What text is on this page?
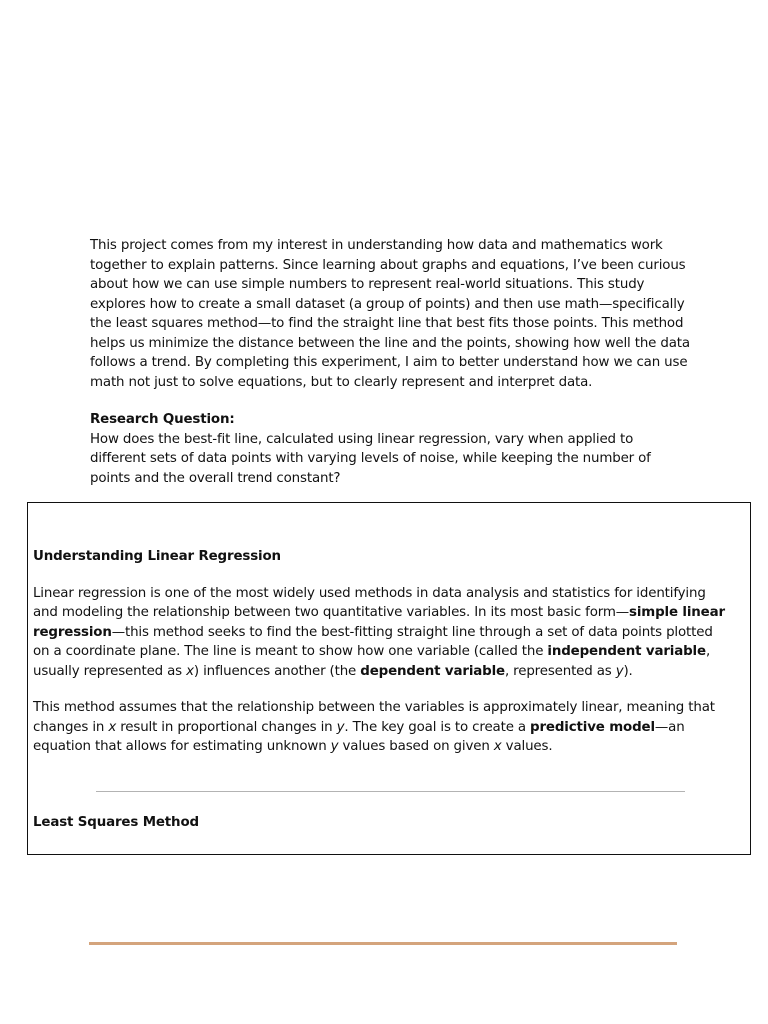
This project comes from my interest in understanding how data and mathematics work together to explain patterns. Since learning about graphs and equations, I’ve been curious about how we can use simple numbers to represent real-world situations. This study explores how to create a small dataset (a group of points) and then use math—specifically the least squares method—to find the straight line that best fits those points. This method helps us minimize the distance between the line and the points, showing how well the data follows a trend. By completing this experiment, I aim to better understand how we can use math not just to solve equations, but to clearly represent and interpret data.

Research Question:
How does the best-fit line, calculated using linear regression, vary when applied to different sets of data points with varying levels of noise, while keeping the number of points and the overall trend constant?
Understanding Linear Regression

Linear regression is one of the most widely used methods in data analysis and statistics for identifying and modeling the relationship between two quantitative variables. In its most basic form—simple linear regression—this method seeks to find the best-fitting straight line through a set of data points plotted on a coordinate plane. The line is meant to show how one variable (called the independent variable, usually represented as x) influences another (the dependent variable, represented as y).

This method assumes that the relationship between the variables is approximately linear, meaning that changes in x result in proportional changes in y. The key goal is to create a predictive model—an equation that allows for estimating unknown y values based on given x values.

Least Squares Method
